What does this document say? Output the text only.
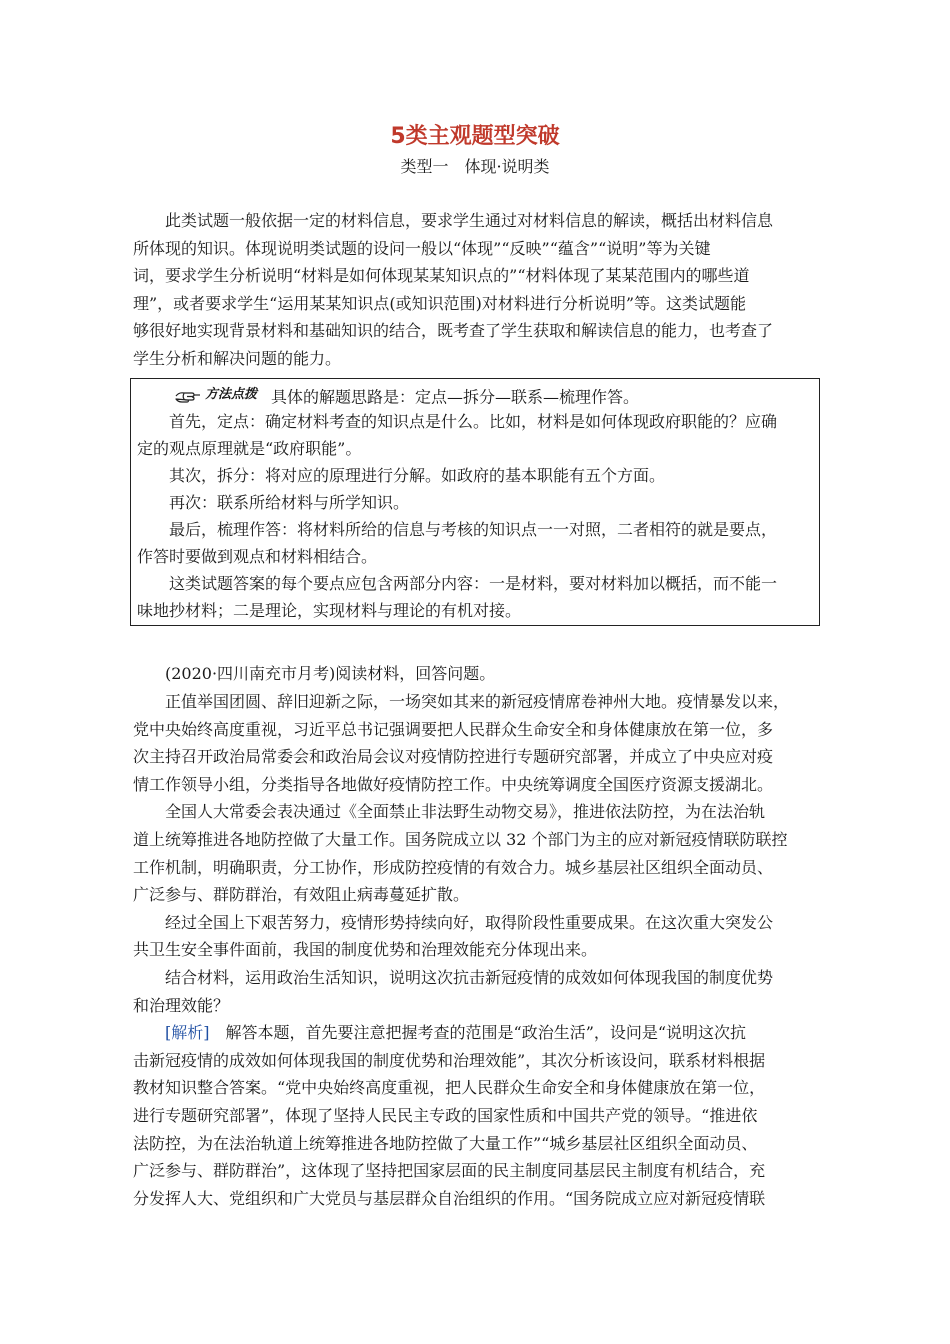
5类主观题型突破
类型一　体现·说明类

此类试题一般依据一定的材料信息，要求学生通过对材料信息的解读，概括出材料信息

所体现的知识。体现说明类试题的设问一般以“体现”“反映”“蕴含”“说明”等为关键

词，要求学生分析说明“材料是如何体现某某知识点的”“材料体现了某某范围内的哪些道

理”，或者要求学生“运用某某知识点(或知识范围)对材料进行分析说明”等。这类试题能

够很好地实现背景材料和基础知识的结合，既考查了学生获取和解读信息的能力，也考查了

学生分析和解决问题的能力。

方法点拨 具体的解题思路是：定点—拆分—联系—梳理作答。

首先，定点：确定材料考查的知识点是什么。比如，材料是如何体现政府职能的？应确

定的观点原理就是“政府职能”。

其次，拆分：将对应的原理进行分解。如政府的基本职能有五个方面。

再次：联系所给材料与所学知识。

最后，梳理作答：将材料所给的信息与考核的知识点一一对照，二者相符的就是要点，

作答时要做到观点和材料相结合。

这类试题答案的每个要点应包含两部分内容：一是材料，要对材料加以概括，而不能一

味地抄材料；二是理论，实现材料与理论的有机对接。

(2020·四川南充市月考)阅读材料，回答问题。

正值举国团圆、辞旧迎新之际，一场突如其来的新冠疫情席卷神州大地。疫情暴发以来，

党中央始终高度重视，习近平总书记强调要把人民群众生命安全和身体健康放在第一位，多

次主持召开政治局常委会和政治局会议对疫情防控进行专题研究部署，并成立了中央应对疫

情工作领导小组，分类指导各地做好疫情防控工作。中央统筹调度全国医疗资源支援湖北。

全国人大常委会表决通过《全面禁止非法野生动物交易》，推进依法防控，为在法治轨

道上统筹推进各地防控做了大量工作。国务院成立以 32 个部门为主的应对新冠疫情联防联控

工作机制，明确职责，分工协作，形成防控疫情的有效合力。城乡基层社区组织全面动员、

广泛参与、群防群治，有效阻止病毒蔓延扩散。

经过全国上下艰苦努力，疫情形势持续向好，取得阶段性重要成果。在这次重大突发公

共卫生安全事件面前，我国的制度优势和治理效能充分体现出来。

结合材料，运用政治生活知识，说明这次抗击新冠疫情的成效如何体现我国的制度优势

和治理效能？

[解析]　 解答本题，首先要注意把握考查的范围是“政治生活”，设问是“说明这次抗

击新冠疫情的成效如何体现我国的制度优势和治理效能”，其次分析该设问，联系材料根据

教材知识整合答案。“党中央始终高度重视，把人民群众生命安全和身体健康放在第一位，

进行专题研究部署”，体现了坚持人民民主专政的国家性质和中国共产党的领导。“推进依

法防控，为在法治轨道上统筹推进各地防控做了大量工作”“城乡基层社区组织全面动员、

广泛参与、群防群治”，这体现了坚持把国家层面的民主制度同基层民主制度有机结合，充

分发挥人大、党组织和广大党员与基层群众自治组织的作用。“国务院成立应对新冠疫情联
